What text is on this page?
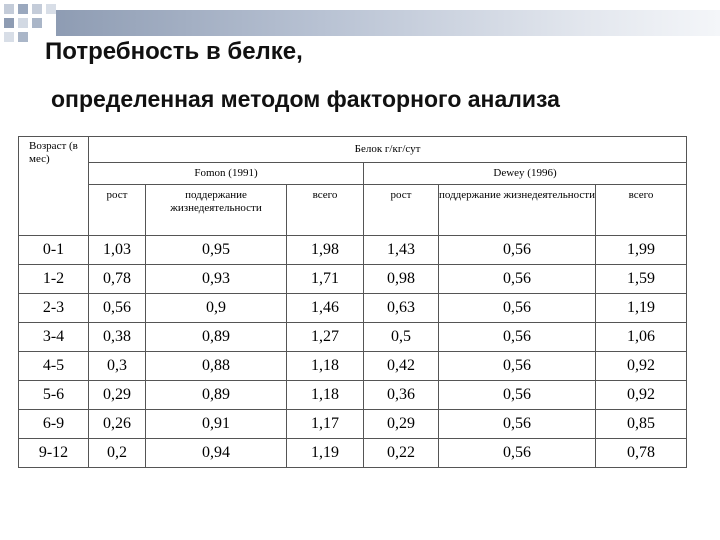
Потребность в белке,
определенная методом факторного анализа
Возраст (в мес)	Белок г/кг/сут					
	Fomon (1991)			Dewey (1996)		
	рост	поддержание жизнедеятельности	всего	рост	поддержание жизнедеятельности	всего
0-1	1,03	0,95	1,98	1,43	0,56	1,99
1-2	0,78	0,93	1,71	0,98	0,56	1,59
2-3	0,56	0,9	1,46	0,63	0,56	1,19
3-4	0,38	0,89	1,27	0,5	0,56	1,06
4-5	0,3	0,88	1,18	0,42	0,56	0,92
5-6	0,29	0,89	1,18	0,36	0,56	0,92
6-9	0,26	0,91	1,17	0,29	0,56	0,85
9-12	0,2	0,94	1,19	0,22	0,56	0,78
